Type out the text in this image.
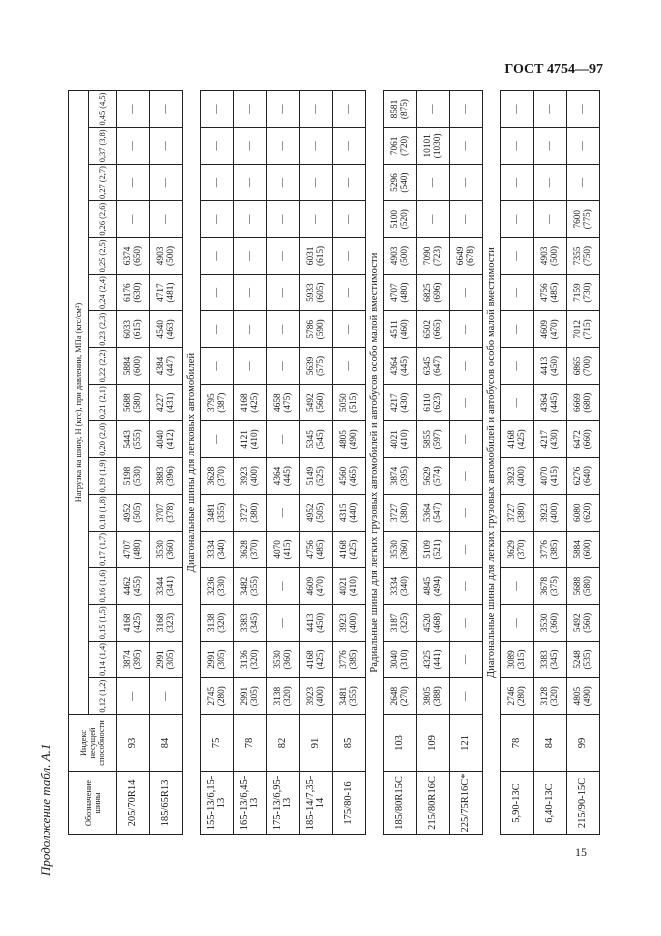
ГОСТ 4754—97
Продолжение табл. А.1	15
Обозначение шины	Индекс несущей способности	Нагрузка на шину, Н (кгс), при давлении, МПа (кгс/см²)																
		0,12 (1,2)	0,14 (1,4)	0,15 (1,5)	0,16 (1,6)	0,17 (1,7)	0,18 (1,8)	0,19 (1,9)	0,20 (2,0)	0,21 (2,1)	0,22 (2,2)	0,23 (2,3)	0,24 (2,4)	0,25 (2,5)	0,26 (2,6)	0,27 (2,7)	0,37 (3,8)	0,45 (4,5)
205/70R14	93	—	3874 (395)	4168 (425)	4462 (455)	4707 (480)	4952 (505)	5198 (530)	5443 (555)	5688 (580)	5884 (600)	6033 (615)	6176 (630)	6374 (650)	—	—	—	—
185/65R13	84	—	2991 (305)	3168 (323)	3344 (341)	3530 (360)	3707 (378)	3883 (396)	4040 (412)	4227 (431)	4384 (447)	4540 (463)	4717 (481)	4903 (500)	—	—	—	—
Диагональные шины для легковых автомобилей																		
155-13/6,15-13	75	2745 (280)	2991 (305)	3138 (320)	3236 (330)	3334 (340)	3481 (355)	3628 (370)	—	3795 (387)	—	—	—	—	—	—	—	—
165-13/6,45-13	78	2991 (305)	3136 (320)	3383 (345)	3482 (355)	3628 (370)	3727 (380)	3923 (400)	4121 (410)	4168 (425)	—	—	—	—	—	—	—	—
175-13/6,95-13	82	3138 (320)	3530 (360)	—	—	4070 (415)	—	4364 (445)	—	4658 (475)	—	—	—	—	—	—	—	—
185-14/7,35-14	91	3923 (400)	4168 (425)	4413 (450)	4609 (470)	4756 (485)	4952 (505)	5149 (525)	5345 (545)	5492 (560)	5639 (575)	5786 (590)	5933 (605)	6031 (615)	—	—	—	—
175/80-16	85	3481 (355)	3776 (385)	3923 (400)	4021 (410)	4168 (425)	4315 (440)	4560 (465)	4805 (490)	5050 (515)	—	—	—	—	—	—	—	—
Радиальные шины для легких грузовых автомобилей и автобусов особо малой вместимости																		
185/80R15C	103	2648 (270)	3040 (310)	3187 (325)	3334 (340)	3530 (360)	3727 (380)	3874 (395)	4021 (410)	4217 (430)	4364 (445)	4511 (460)	4707 (480)	4903 (500)	5100 (520)	5296 (540)	7061 (720)	8581 (875)
215/80R16C	109	3805 (388)	4325 (441)	4520 (468)	4845 (494)	5109 (521)	5364 (547)	5629 (574)	5855 (597)	6110 (623)	6345 (647)	6502 (665)	6825 (696)	7090 (723)	—	—	10101 (1030)	—
225/75R16C*	121	—	—	—	—	—	—	—	—	—	—	—	—	6649 (678)	—	—	—	—
Диагональные шины для легких грузовых автомобилей и автобусов особо малой вместимости																		
5,90-13C	78	2746 (280)	3089 (315)	—	—	3629 (370)	3727 (380)	3923 (400)	4168 (425)	—	—	—	—	—	—	—	—	—
6,40-13C	84	3128 (320)	3383 (345)	3530 (360)	3678 (375)	3776 (385)	3923 (400)	4070 (415)	4217 (430)	4364 (445)	4413 (450)	4609 (470)	4756 (485)	4903 (500)	—	—	—	—
215/90-15C	99	4805 (490)	5248 (535)	5492 (560)	5688 (580)	5884 (600)	6080 (620)	6276 (640)	6472 (660)	6669 (680)	6865 (700)	7012 (715)	7159 (730)	7355 (750)	7600 (775)	—	—	—
